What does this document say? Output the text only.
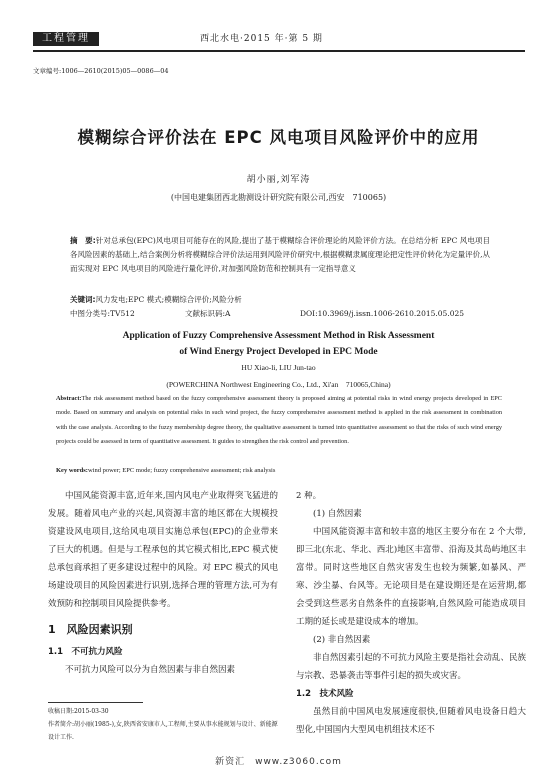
工程管理	西北水电·2015 年·第 5 期
文章编号:1006—2610(2015)05—0086—04
模糊综合评价法在 EPC 风电项目风险评价中的应用
胡小丽,刘军涛
(中国电建集团西北勘测设计研究院有限公司,西安　710065)
摘　要:针对总承包(EPC)风电项目可能存在的风险,提出了基于模糊综合评价理论的风险评价方法。在总结分析 EPC 风电项目各风险因素的基础上,结合案例分析将模糊综合评价法运用到风险评价研究中,根据模糊隶属度理论把定性评价转化为定量评价,从而实现对 EPC 风电项目的风险进行量化评价,对加强风险防范和控制具有一定指导意义
关键词:风力发电;EPC 模式;模糊综合评价;风险分析
中图分类号:TV512	文献标识码:A	DOI:10.3969/j.issn.1006-2610.2015.05.025
Application of Fuzzy Comprehensive Assessment Method in Risk Assessment
of Wind Energy Project Developed in EPC Mode
HU Xiao-li, LIU Jun-tao
(POWERCHINA Northwest Engineering Co., Ltd., Xi'an　710065,China)
Abstract:The risk assessment method based on the fuzzy comprehensive assessment theory is proposed aiming at potential risks in wind energy projects developed in EPC mode. Based on summary and analysis on potential risks in such wind project, the fuzzy comprehensive assessment method is applied in the risk assessment in combination with the case analysis. According to the fuzzy membership degree theory, the qualitative assessment is turned into quantitative assessment so that the risks of such wind energy projects could be assessed in term of quantitative assessment. It guides to strengthen the risk control and prevention.
Key words:wind power; EPC mode; fuzzy comprehensive assessment; risk analysis
中国风能资源丰富,近年来,国内风电产业取得突飞猛进的发展。随着风电产业的兴起,风资源丰富的地区都在大规模投资建设风电项目,这给风电项目实施总承包(EPC)的企业带来了巨大的机遇。但是与工程承包的其它模式相比,EPC 模式使总承包商承担了更多建设过程中的风险。对 EPC 模式的风电场建设项目的风险因素进行识别,选择合理的管理方法,可为有效预防和控制项目风险提供参考。
1　风险因素识别
1.1　不可抗力风险
不可抗力风险可以分为自然因素与非自然因素
2 种。
(1) 自然因素
中国风能资源丰富和较丰富的地区主要分布在 2 个大带,即三北(东北、华北、西北)地区丰富带、沿海及其岛屿地区丰富带。同时这些地区自然灾害发生也较为频繁,如暴风、严寒、沙尘暴、台风等。无论项目是在建设期还是在运营期,都会受到这些恶劣自然条件的直接影响,自然风险可能造成项目工期的延长或是建设成本的增加。
(2) 非自然因素
非自然因素引起的不可抗力风险主要是指社会动乱、民族与宗教、恐暴袭击等事件引起的损失或灾害。
1.2　技术风险
虽然目前中国风电发展速度很快,但随着风电设备日趋大型化,中国国内大型风电机组技术还不
收稿日期:2015-03-30
作者简介:胡小丽(1985-),女,陕西省安康市人,工程师,主要从事水能规划与设计、新能源设计工作.
新资汇　www.z3060.com
